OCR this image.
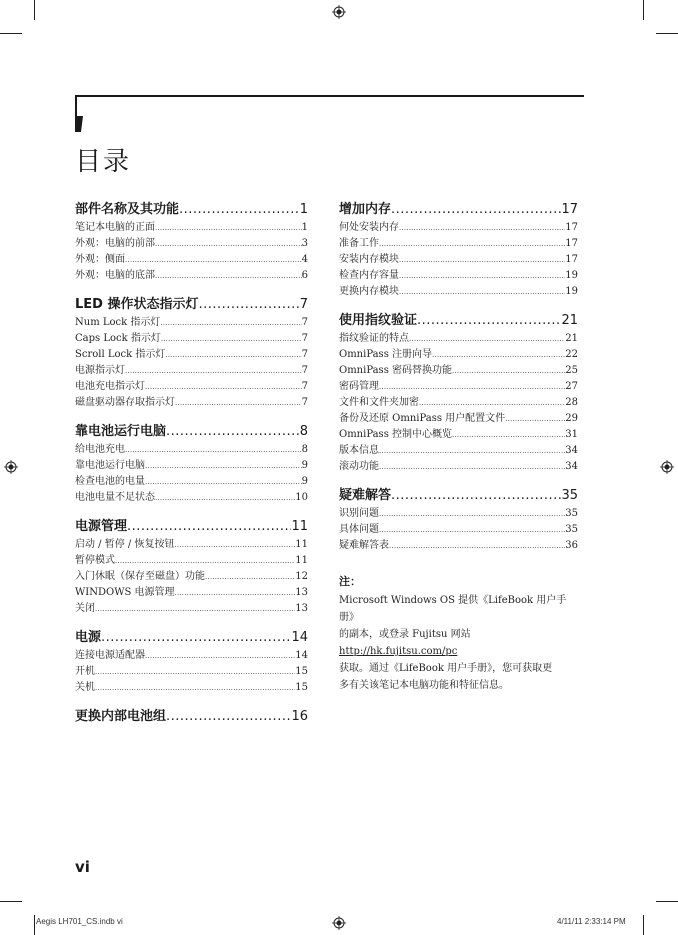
目录
部件名称及其功能 .....	1
笔记本电脑的正面 .....	1
外观：电脑的前部 .....	3
外观：侧面 .....	4
外观：电脑的底部 .....	6
LED 操作状态指示灯 .....	7
Num Lock 指示灯 .....	7
Caps Lock 指示灯 .....	7
Scroll Lock 指示灯 .....	7
电源指示灯 .....	7
电池充电指示灯 .....	7
磁盘驱动器存取指示灯 .....	7
靠电池运行电脑 .....	8
给电池充电 .....	8
靠电池运行电脑 .....	9
检查电池的电量 .....	9
电池电量不足状态 .....	10
电源管理 .....	11
启动 / 暂停 / 恢复按钮 .....	11
暂停模式 .....	11
入门休眠（保存至磁盘）功能 .....	12
WINDOWS 电源管理 .....	13
关闭 .....	13
电源 .....	14
连接电源适配器 .....	14
开机 .....	15
关机 .....	15
更换内部电池组 .....	16
增加内存 .....	17
何处安装内存 .....	17
准备工作 .....	17
安装内存模块 .....	17
检查内存容量 .....	19
更换内存模块 .....	19
使用指纹验证 .....	21
指纹验证的特点 .....	21
OmniPass 注册向导 .....	22
OmniPass 密码替换功能 .....	25
密码管理 .....	27
文件和文件夹加密 .....	28
备份及还原 OmniPass 用户配置文件 .....	29
OmniPass 控制中心概览 .....	31
版本信息 .....	34
滚动功能 .....	34
疑难解答 .....	35
识别问题 .....	35
具体问题 .....	35
疑难解答表 .....	36
注：
Microsoft Windows OS 提供《LifeBook 用户手册》
的副本，或登录 Fujitsu 网站 http://hk.fujitsu.com/pc
获取。通过《LifeBook 用户手册》，您可获取更
多有关该笔记本电脑功能和特征信息。

vi

Aegis LH701_CS.indb vi	4/11/11 2:33:14 PM
